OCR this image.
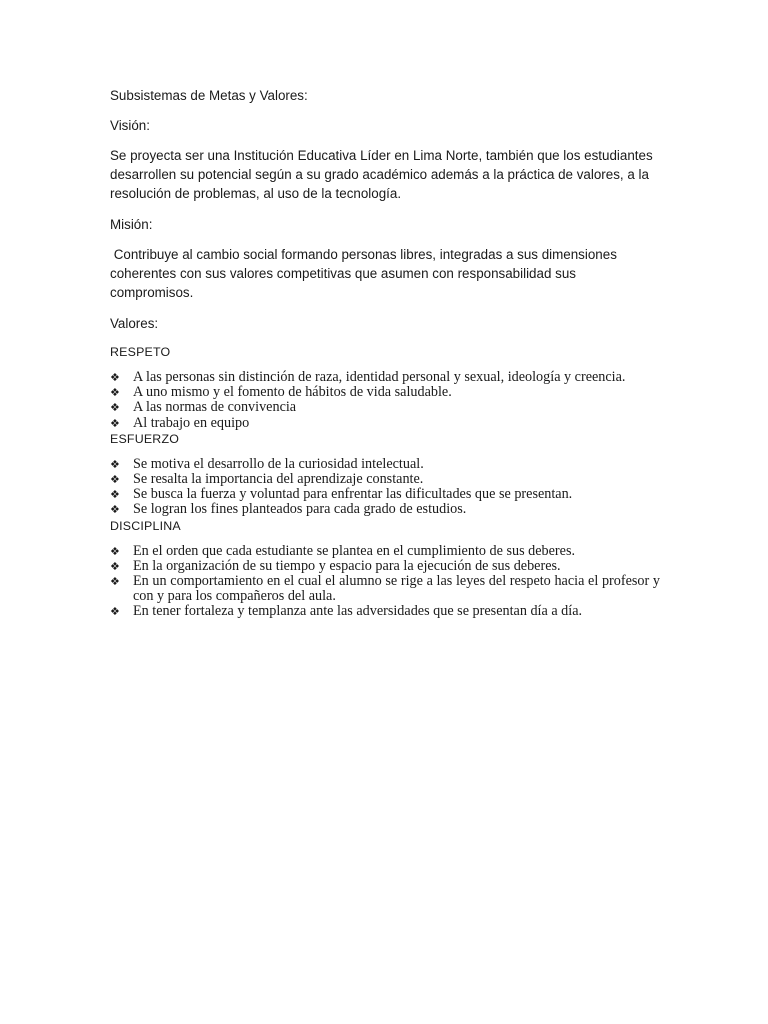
Subsistemas de Metas y Valores:

Visión:

Se proyecta ser una Institución Educativa Líder en Lima Norte, también que los estudiantes desarrollen su potencial según a su grado académico además a la práctica de valores, a la resolución de problemas, al uso de la tecnología.

Misión:

Contribuye al cambio social formando personas libres, integradas a sus dimensiones coherentes con sus valores competitivas que asumen con responsabilidad sus compromisos.

Valores:

RESPETO

❖ A las personas sin distinción de raza, identidad personal y sexual, ideología y creencia.
❖ A uno mismo y el fomento de hábitos de vida saludable.
❖ A las normas de convivencia
❖ Al trabajo en equipo

ESFUERZO

❖ Se motiva el desarrollo de la curiosidad intelectual.
❖ Se resalta la importancia del aprendizaje constante.
❖ Se busca la fuerza y voluntad para enfrentar las dificultades que se presentan.
❖ Se logran los fines planteados para cada grado de estudios.

DISCIPLINA

❖ En el orden que cada estudiante se plantea en el cumplimiento de sus deberes.
❖ En la organización de su tiempo y espacio para la ejecución de sus deberes.
❖ En un comportamiento en el cual el alumno se rige a las leyes del respeto hacia el profesor y con y para los compañeros del aula.
❖ En tener fortaleza y templanza ante las adversidades que se presentan día a día.
